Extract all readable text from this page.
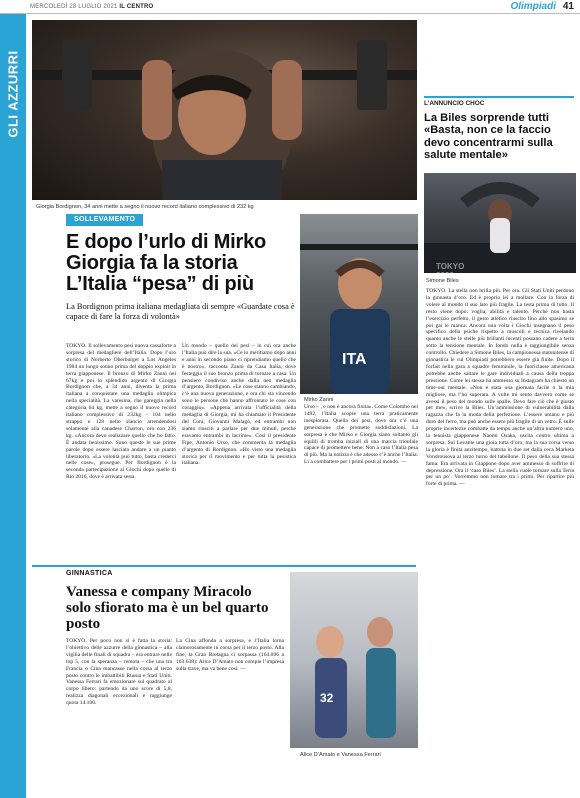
MERCOLEDÌ 28 LUGLIO 2021 IL CENTRO	Olimpiadi 41
GLI AZZURRI
Giorgia Bordignon, 34 anni mette a segno il nuovo record italiano complessivo di 232 kg
L’ANNUNCIO CHOC
La Biles sorprende tutti «Basta, non ce la faccio devo concentrarmi sulla salute mentale»
TOKYO 2020
Simone Biles
TOKYO. La stella non brilla più. Per ora. Gli Stati Uniti perdono la ginnasta d’oro. Ed è proprio lei a mollare. Con la forza di volere al mondo il suo lato più fragile. La testa prima di tutto. Il resto viene dopo: voglia, abilità e talento. Perché non basta l’esercizio perfetto, il gesto atletico riuscito fino allo spasimo se poi gai le manca. Ancora una volta i Giochi insegnano il peso specifico della psiche rispetto a muscoli e tecnica rivelando quanto anche le stelle più brillanti lucenti possano cadere a terra sotto la tensione mentale. In fondo nulla è raggiungibile senza controllo. Chiedere a Simone Biles, la campionessa statunitense di ginnastica le cui Olimpiadi potrebbero essere già finite. Dopo il forfait nella gara a squadre femminile, la fuoriclasse americana potrebbe anche saltare le gare individuali a causa della troppa pressione. Come lei stessa ha ammesso su Instagram ha chiesto un time-out mentale. «Non è stata una giornata facile o la mia migliore, ma l’ho superata. A volte mi sento davvero come se avessi il peso del mondo sulle spalle. Devo fare ciò che è giusto per me», scrive la Biles. Un’ammissione di vulnerabilità dalla ragazza che fa la moda della perfezione. L’essere umano e più duro del ferro, ma può anche essere più fragile di un vetro. È sulle proprie incertezze combatte da tempo anche un’altra numero uno, la tennista giapponese Naomi Osaka, uscita contro ultima a sorpresa. Sul Levante una gioia tutta d’oro, ma la sua corsa verso la gloria è finita anzitempo, battuta in due set dalla ceca Marketa Vondrousova al terzo turno del tabellone. Il peso della sua stessa fama. Era arrivata in Giappone dopo aver ammesso di soffrire di depressione. Ora il ‘caso Biles’. La stella vuole tornare sulla Terra per un po’. Vorremmo non tornare tra i primi. Per ripartire più forte di prima. —
SOLLEVAMENTO
E dopo l’urlo di Mirko
Giorgia fa la storia
L’Italia “pesa” di più
La Bordignon prima italiana medagliata di sempre «Guardate cosa è capace di fare la forza di volontà»
ITA
Mirko Zanni
TOKYO. Il sollevamento pesi nuova cassaforte a sorpresa del medagliere dell’Italia. Dopo l’oro storico di Norberto Oberburger a Los Angeles 1984 un lungo sonno prima del doppio exploit in terra giapponese. Il bronzo di Mirko Zanni nei 67kg e poi lo splendido argento di Giorgia Bordignon che, a 34 anni, diventa la prima italiana a conquistare una medaglia olimpica nella specialità. La varesina, che gareggia nella categoria 64 kg, mette a segno il nuovo record italiano complessivo di 232kg – 104 nello strappo e 128 nello slancio arrendendosi solamente alla canadese Charron, oro con 236 kg. «Ancora devo realizzare quello che ho fatto. È andata benissimo. Sono queste le sue prime parole dopo essere lasciata andare a un pianto liberatorio. «La volontà può tutto, basta crederci nelle cose», prosegue. Per Bordignon è la seconda partecipazione ai Giochi dopo quelle di Rio 2016, dove è arrivata sesta.
Un mondo – quello dei pesi – in cui ora anche l’Italia può dire la sua. «Ce lo meritiamo dopo anni e anni in secondo piano ci riprendiamo quello che è nostro», racconta Zanni da Casa Italia, dove festeggia il suo bronzo prima di tornare a casa. Un pensiero condiviso anche dalla neo medaglia d’argento, Bordignon. «Le cose stanno cambiando, c’è una nuova generazione, e ora chi sta vincendo sono le persone che hanno affrontato le cose con coraggio». «Appena arrivata l’ufficialità della medaglia di Giorgia, mi ha chiamato il Presidente del Coni, Giovanni Malagò, ed entrambi non siamo riusciti a parlare per due minuti, perché eravamo entrambi in lacrime». Così il presidente Fipe, Antonio Urso, che commenta la medaglia d’argento di Bordignon. «Ho visto una medaglia storica per il movimento e per tutta la pesistica italiana.
Urso – , e non è ancora finita». Come Colombo nel 1492, l’Italia scopre una terra praticamente inesplorata. Quella dei pesi, dove ora c’è una generazione che promette soddisfazioni. La sorpresa è che Mirko e Giorgia siano soltanto gli squilli di tromba iniziali di una marcia trionfale capace di promettere bene. Non a caso l’Italia pesa di più. Ma la notizia è che adesso c’è anche l’Italia. Li a combattere per i primi posti al mondo. —
GINNASTICA
Vanessa e company Miracolo solo sfiorato ma è un bel quarto posto
32
Alice D’Amato e Vanessa Ferrari
TOKYO. Per poco non si è fatta la storia: l’obiettivo delle azzurre della ginnastica – alla vigilia delle finali di squadra – era entrare nelle top 5, con la speranza – remota – che una tra Francia o Cina mancasse nella corsa al terzo posto contro le imbattibili Russia e Stati Uniti. Vanessa Ferrari fa emozionare sul quadrato al corpo libero: partendo da uno score di 5,8, realizza diagonali eccezionali e raggiunge quota 14.100.
La Cina affonda a sorpresa, e l’Italia torna clamorosamente in corsa per il terzo posto. Alla fine, la Gran Bretagna ci sorpassa (164.096 a 163.638): Alice D’Amato non compie l’impresa sulla trave, ma va bene così. —
